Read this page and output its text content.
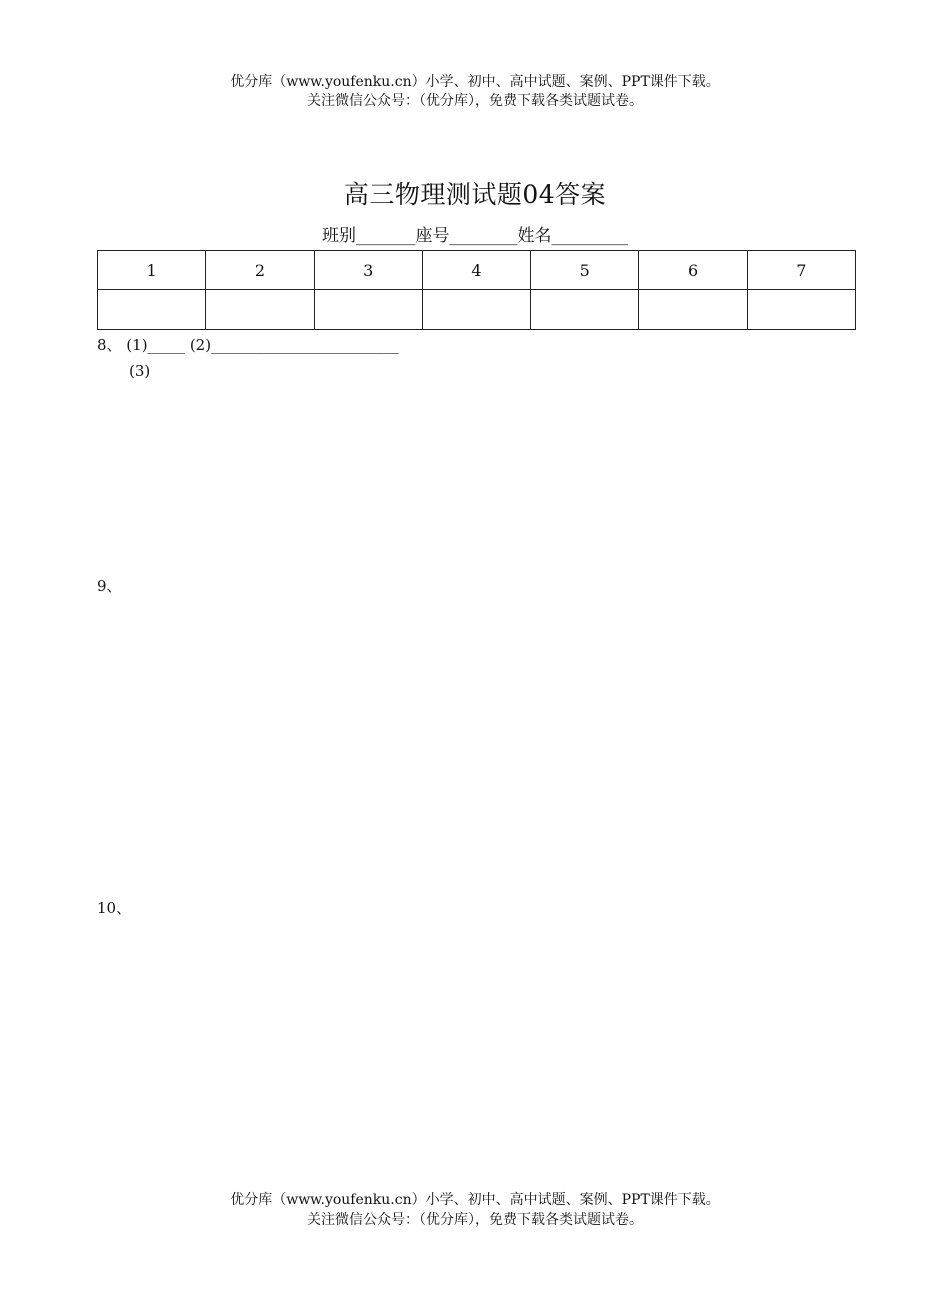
优分库（www.youfenku.cn）小学、初中、高中试题、案例、PPT课件下载。
关注微信公众号：（优分库），免费下载各类试题试卷。
高三物理测试题04答案
班别_______座号________姓名_________
1	2	3	4	5	6	7

8、 (1)_____ (2)_________________________
(3)
9、
10、
优分库（www.youfenku.cn）小学、初中、高中试题、案例、PPT课件下载。
关注微信公众号：（优分库），免费下载各类试题试卷。
